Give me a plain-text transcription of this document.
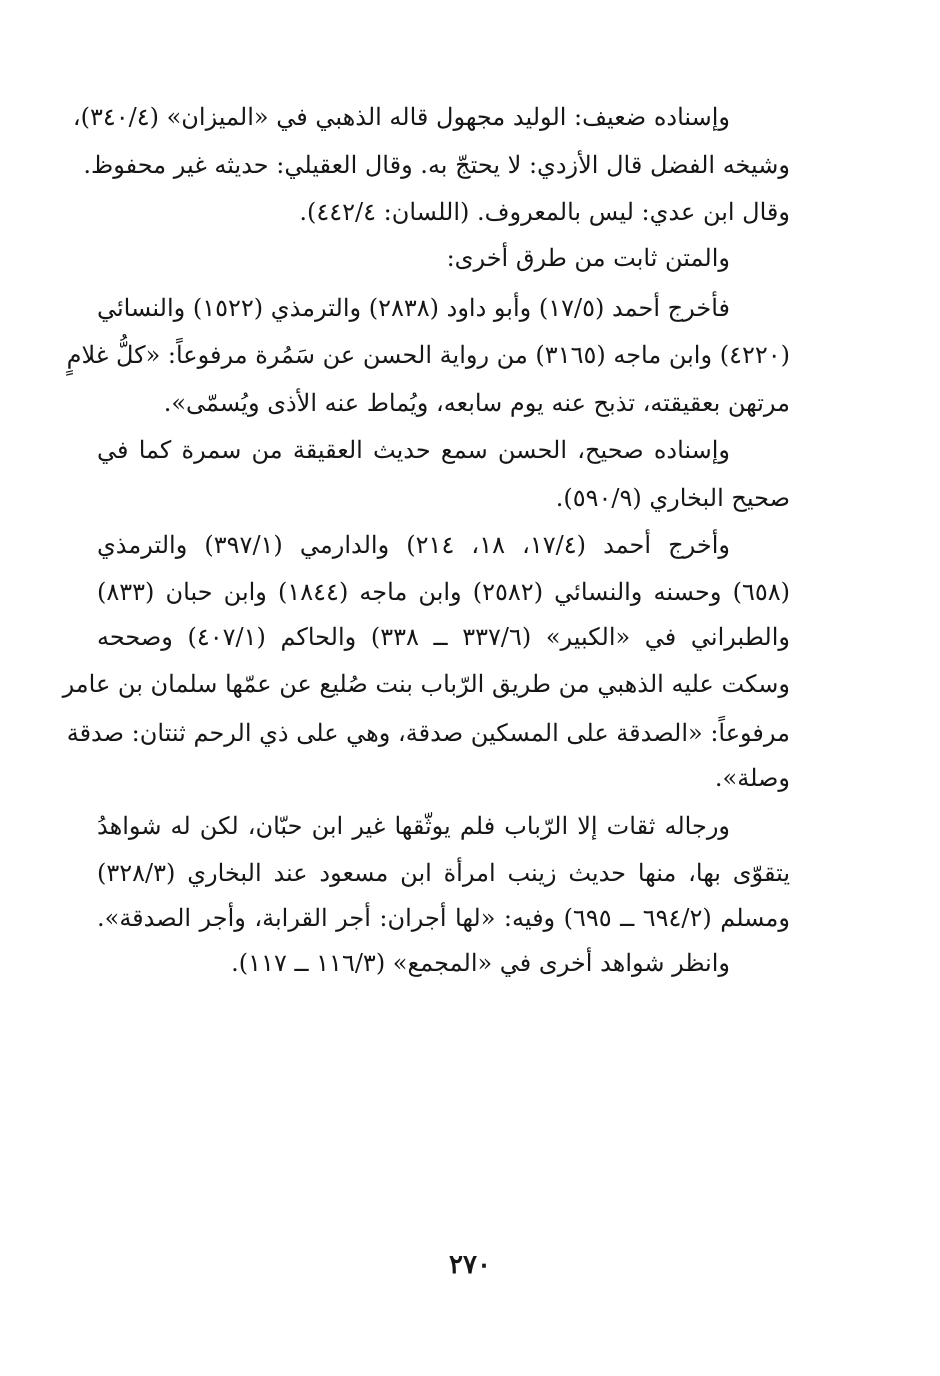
وإسناده ضعيف: الوليد مجهول قاله الذهبي في «الميزان» (٣٤٠/٤)،
وشيخه الفضل قال الأزدي: لا يحتجّ به. وقال العقيلي: حديثه غير محفوظ.
وقال ابن عدي: ليس بالمعروف. (اللسان: ٤٤٢/٤).
والمتن ثابت من طرق أخرى:
فأخرج أحمد (١٧/٥) وأبو داود (٢٨٣٨) والترمذي (١٥٢٢) والنسائي
(٤٢٢٠) وابن ماجه (٣١٦٥) من رواية الحسن عن سَمُرة مرفوعاً: «كلُّ غلامٍ
مرتهن بعقيقته، تذبح عنه يوم سابعه، ويُماط عنه الأذى ويُسمّى».
وإسناده صحيح، الحسن سمع حديث العقيقة من سمرة كما في
صحيح البخاري (٥٩٠/٩).
وأخرج أحمد (١٧/٤، ١٨، ٢١٤) والدارمي (٣٩٧/١) والترمذي
(٦٥٨) وحسنه والنسائي (٢٥٨٢) وابن ماجه (١٨٤٤) وابن حبان (٨٣٣)
والطبراني في «الكبير» (٣٣٧/٦ ــ ٣٣٨) والحاكم (٤٠٧/١) وصححه
وسكت عليه الذهبي من طريق الرّباب بنت صُليع عن عمّها سلمان بن عامر
مرفوعاً: «الصدقة على المسكين صدقة، وهي على ذي الرحم ثنتان: صدقة
وصلة».
ورجاله ثقات إلا الرّباب فلم يوثّقها غير ابن حبّان، لكن له شواهدُ
يتقوّى بها، منها حديث زينب امرأة ابن مسعود عند البخاري (٣٢٨/٣)
ومسلم (٦٩٤/٢ ــ ٦٩٥) وفيه: «لها أجران: أجر القرابة، وأجر الصدقة».
وانظر شواهد أخرى في «المجمع» (١١٦/٣ ــ ١١٧).
٢٧٠
